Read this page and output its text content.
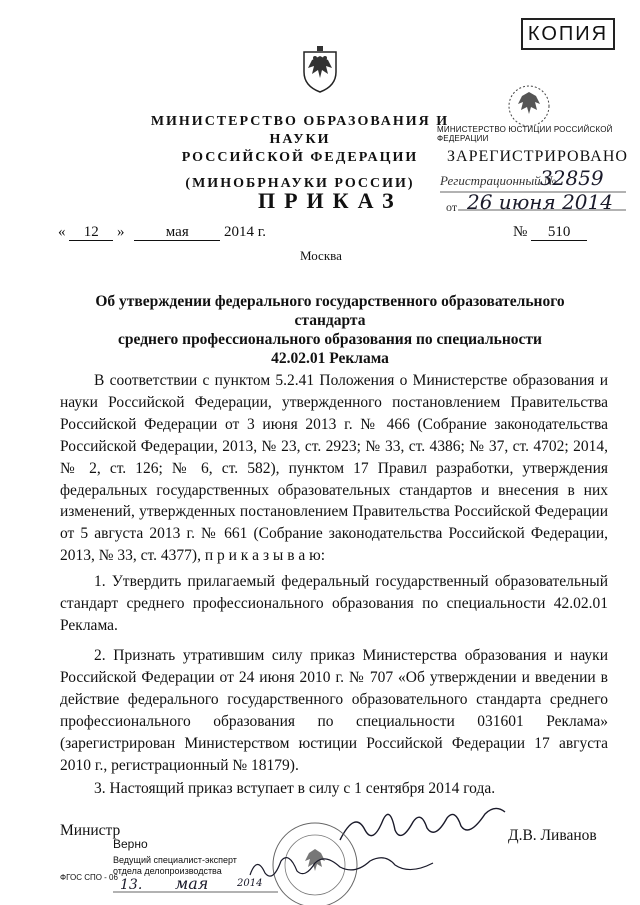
КОПИЯ
МИНИСТЕРСТВО ОБРАЗОВАНИЯ И НАУКИ
РОССИЙСКОЙ ФЕДЕРАЦИИ
(МИНОБРНАУКИ РОССИИ)
МИНИСТЕРСТВО ЮСТИЦИИ РОССИЙСКОЙ ФЕДЕРАЦИИ
ЗАРЕГИСТРИРОВАНО
Регистрационный №
32859
от 26 июня 2014
ПРИКАЗ
« 12 »	мая 2014 г.	№ 510
Москва
Об утверждении федерального государственного образовательного стандарта
среднего профессионального образования по специальности
42.02.01 Реклама
В соответствии с пунктом 5.2.41 Положения о Министерстве образования и науки Российской Федерации, утвержденного постановлением Правительства Российской Федерации от 3 июня 2013 г. № 466 (Собрание законодательства Российской Федерации, 2013, № 23, ст. 2923; № 33, ст. 4386; № 37, ст. 4702; 2014, № 2, ст. 126; № 6, ст. 582), пунктом 17 Правил разработки, утверждения федеральных государственных образовательных стандартов и внесения в них изменений, утвержденных постановлением Правительства Российской Федерации от 5 августа 2013 г. № 661 (Собрание законодательства Российской Федерации, 2013, № 33, ст. 4377), п р и к а з ы в а ю:
1. Утвердить прилагаемый федеральный государственный образовательный стандарт среднего профессионального образования по специальности 42.02.01 Реклама.
2. Признать утратившим силу приказ Министерства образования и науки Российской Федерации от 24 июня 2010 г. № 707 «Об утверждении и введении в действие федерального государственного образовательного стандарта среднего профессионального образования по специальности 031601 Реклама» (зарегистрирован Министерством юстиции Российской Федерации 17 августа 2010 г., регистрационный № 18179).
3. Настоящий приказ вступает в силу с 1 сентября 2014 года.
Министр	Д.В. Ливанов
Верно
Ведущий специалист-эксперт отдела делопроизводства
13. мая	2014
ФГОС СПО - 06
